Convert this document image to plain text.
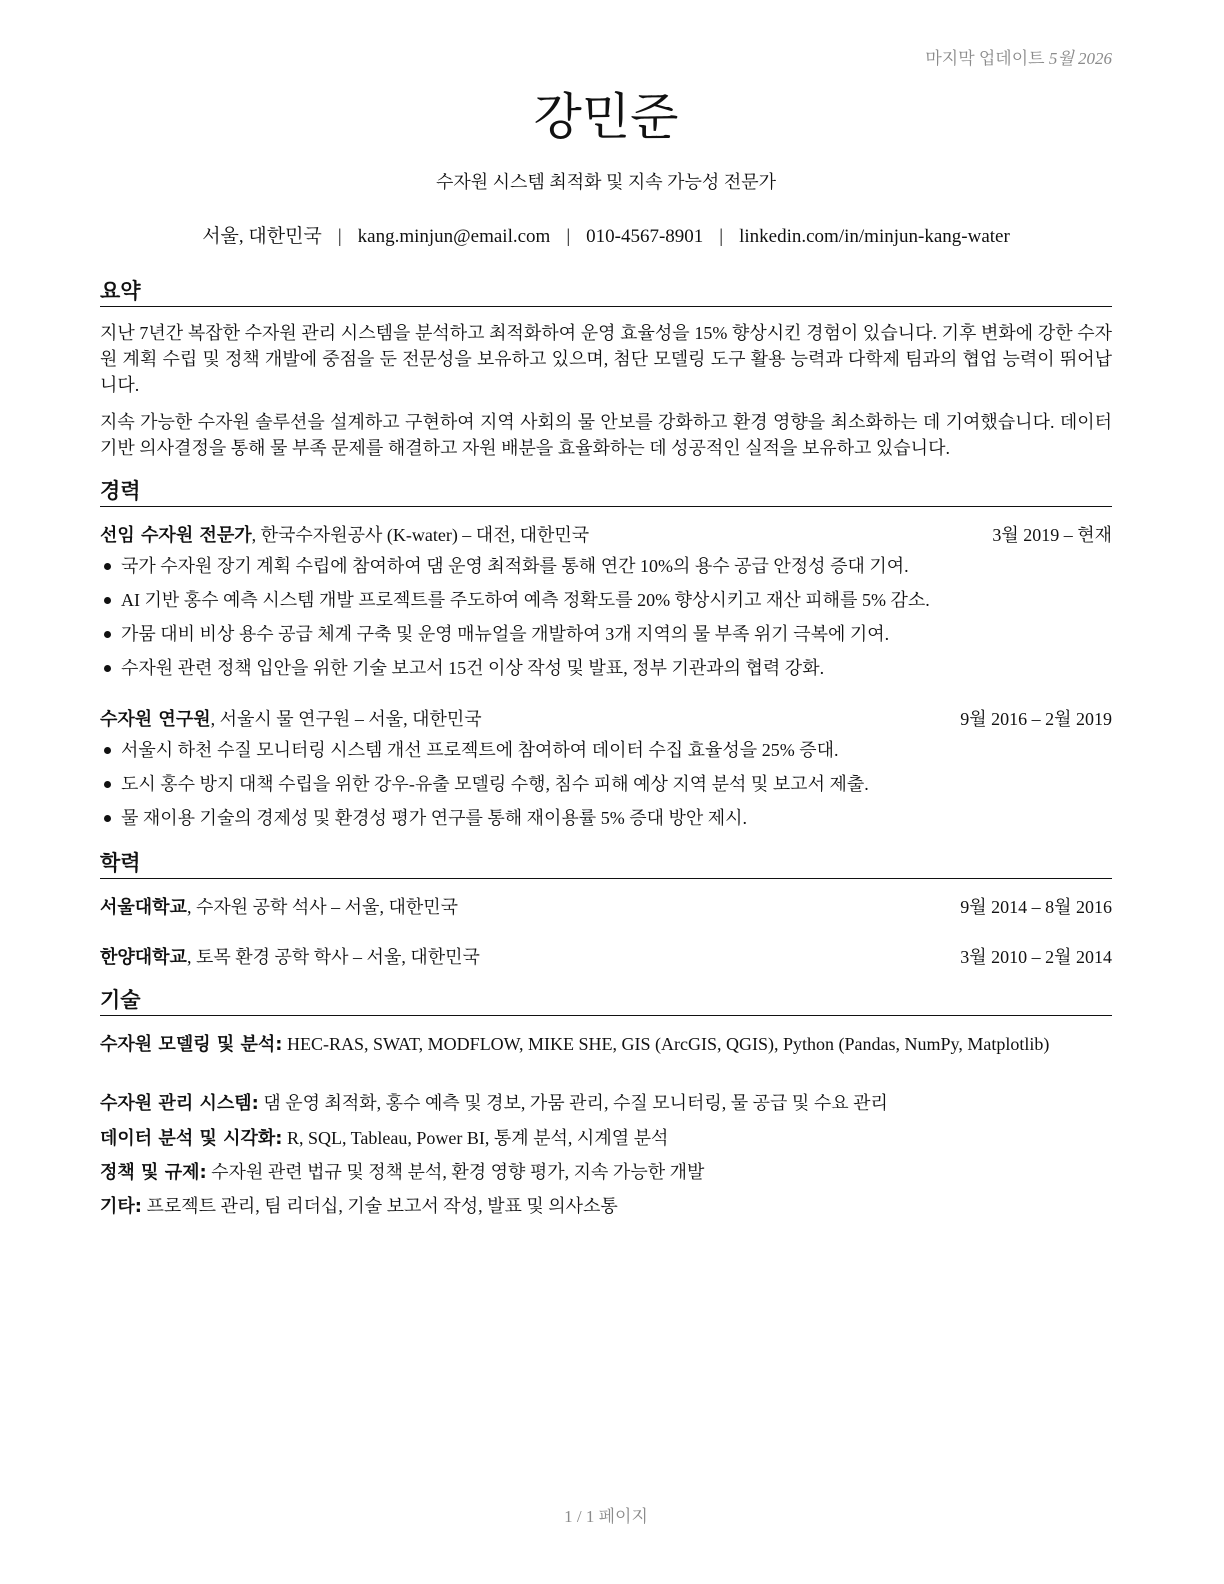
마지막 업데이트 5월 2026
강민준
수자원 시스템 최적화 및 지속 가능성 전문가
서울, 대한민국 | kang.minjun@email.com | 010-4567-8901 | linkedin.com/in/minjun-kang-water
요약
지난 7년간 복잡한 수자원 관리 시스템을 분석하고 최적화하여 운영 효율성을 15% 향상시킨 경험이 있습니다. 기후 변화에 강한 수자원 계획 수립 및 정책 개발에 중점을 둔 전문성을 보유하고 있으며, 첨단 모델링 도구 활용 능력과 다학제 팀과의 협업 능력이 뛰어납니다.
지속 가능한 수자원 솔루션을 설계하고 구현하여 지역 사회의 물 안보를 강화하고 환경 영향을 최소화하는 데 기여했습니다. 데이터 기반 의사결정을 통해 물 부족 문제를 해결하고 자원 배분을 효율화하는 데 성공적인 실적을 보유하고 있습니다.
경력
선임 수자원 전문가, 한국수자원공사 (K-water) – 대전, 대한민국	3월 2019 – 현재
국가 수자원 장기 계획 수립에 참여하여 댐 운영 최적화를 통해 연간 10%의 용수 공급 안정성 증대 기여.
AI 기반 홍수 예측 시스템 개발 프로젝트를 주도하여 예측 정확도를 20% 향상시키고 재산 피해를 5% 감소.
가뭄 대비 비상 용수 공급 체계 구축 및 운영 매뉴얼을 개발하여 3개 지역의 물 부족 위기 극복에 기여.
수자원 관련 정책 입안을 위한 기술 보고서 15건 이상 작성 및 발표, 정부 기관과의 협력 강화.
수자원 연구원, 서울시 물 연구원 – 서울, 대한민국	9월 2016 – 2월 2019
서울시 하천 수질 모니터링 시스템 개선 프로젝트에 참여하여 데이터 수집 효율성을 25% 증대.
도시 홍수 방지 대책 수립을 위한 강우-유출 모델링 수행, 침수 피해 예상 지역 분석 및 보고서 제출.
물 재이용 기술의 경제성 및 환경성 평가 연구를 통해 재이용률 5% 증대 방안 제시.
학력
서울대학교, 수자원 공학 석사 – 서울, 대한민국	9월 2014 – 8월 2016
한양대학교, 토목 환경 공학 학사 – 서울, 대한민국	3월 2010 – 2월 2014
기술
수자원 모델링 및 분석: HEC-RAS, SWAT, MODFLOW, MIKE SHE, GIS (ArcGIS, QGIS), Python (Pandas, NumPy, Matplotlib)
수자원 관리 시스템: 댐 운영 최적화, 홍수 예측 및 경보, 가뭄 관리, 수질 모니터링, 물 공급 및 수요 관리
데이터 분석 및 시각화: R, SQL, Tableau, Power BI, 통계 분석, 시계열 분석
정책 및 규제: 수자원 관련 법규 및 정책 분석, 환경 영향 평가, 지속 가능한 개발
기타: 프로젝트 관리, 팀 리더십, 기술 보고서 작성, 발표 및 의사소통
1 / 1 페이지
